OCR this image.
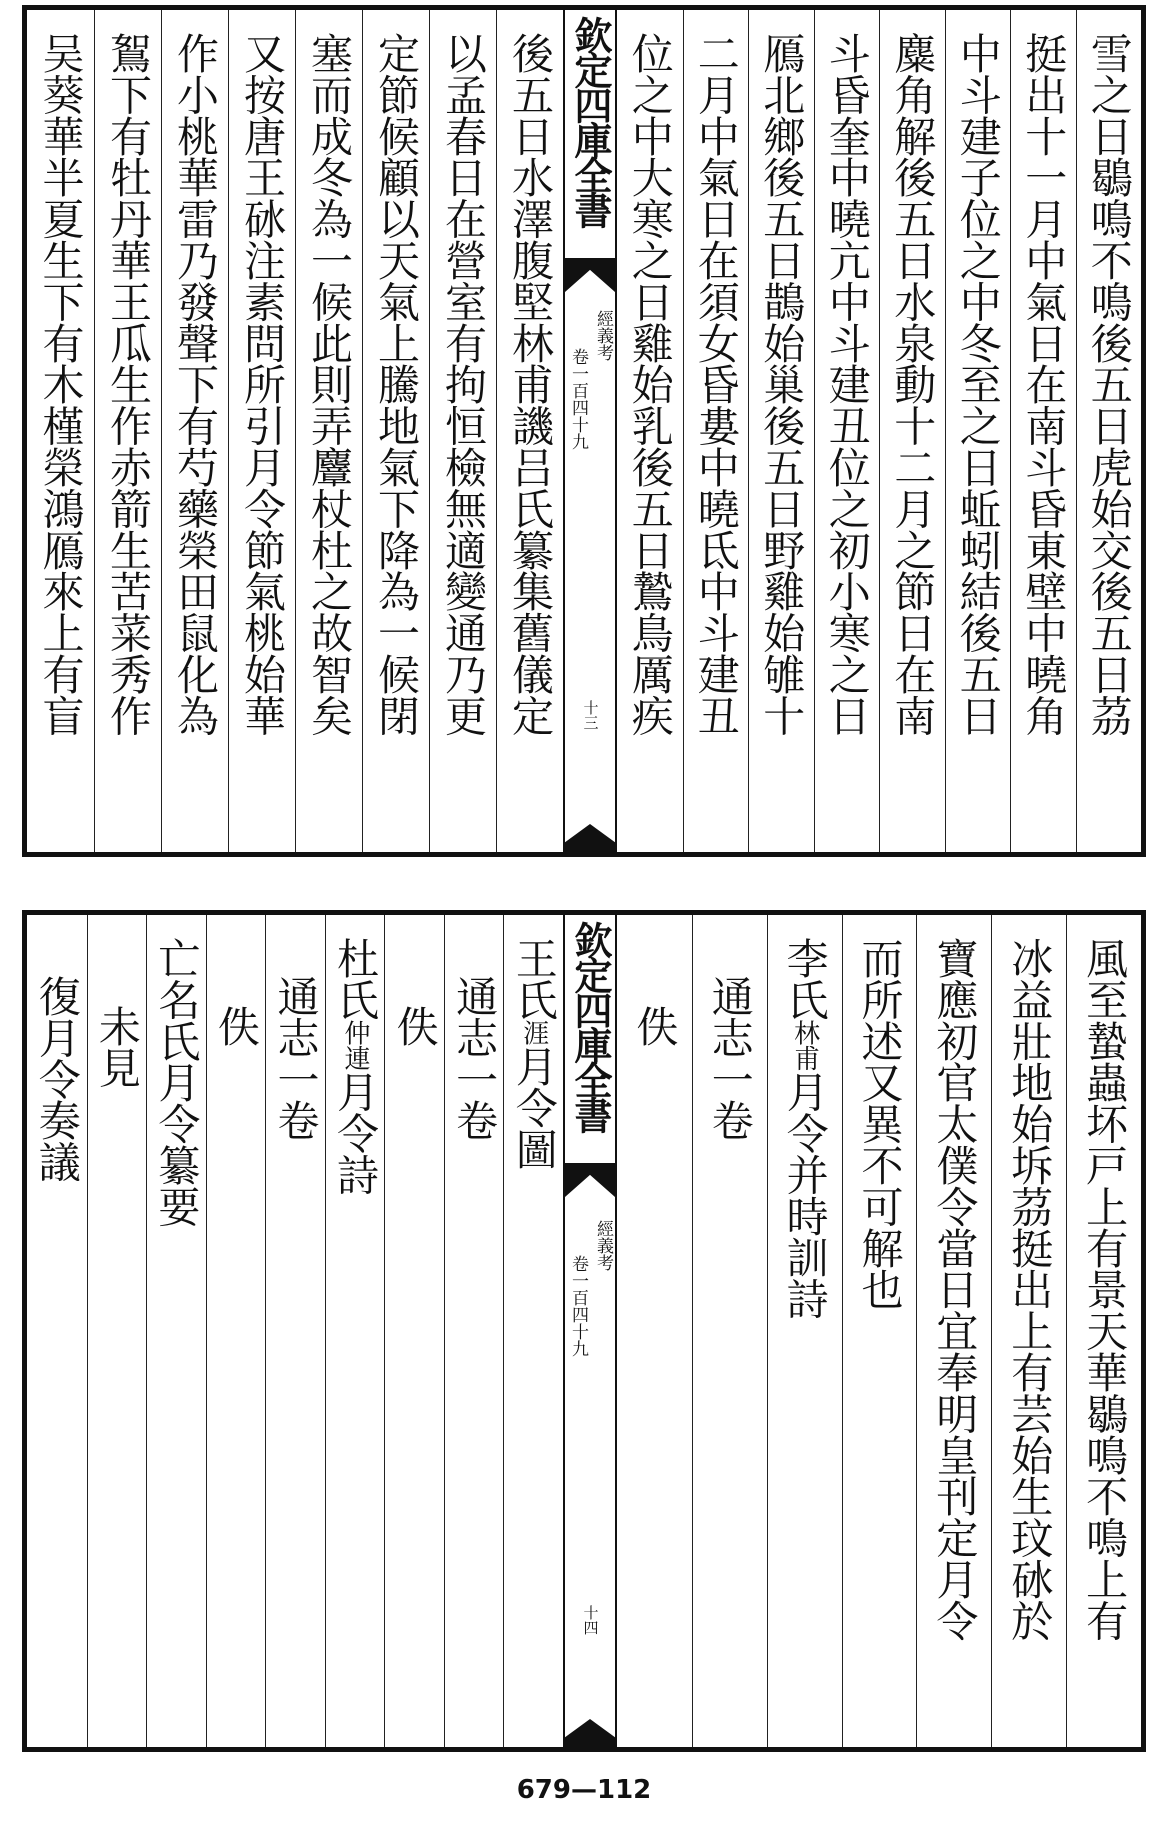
後五日水澤腹堅林甫譏吕氏纂集舊儀定
以孟春日在營室有拘恒檢無適變通乃更
定節候顧以天氣上騰地氣下降為一候閉
塞而成冬為一候此則弄麞杖杜之故智矣
又按唐王砅注素問所引月令節氣桃始華
作小桃華雷乃發聲下有芍藥榮田鼠化為
鴽下有牡丹華王瓜生作赤箭生苦菜秀作
吴葵華半夏生下有木槿榮鴻鴈來上有盲	欽定四庫全書
經義考
卷一百四十九
十三	雪之日鶡鳴不鳴後五日虎始交後五日茘
挺出十一月中氣日在南斗昏東壁中曉角
中斗建子位之中冬至之日蚯蚓結後五日
麋角解後五日水泉動十二月之節日在南
斗昏奎中曉亢中斗建丑位之初小寒之日
鴈北鄉後五日鵲始巢後五日野雞始雊十
二月中氣日在須女昏婁中曉氐中斗建丑
位之中大寒之日雞始乳後五日鷙鳥厲疾
王氏涯月令圖
通志一卷
佚
杜氏仲連月令詩
通志一卷
佚
亡名氏月令纂要
未見
復月令奏議	欽定四庫全書
經義考
卷一百四十九
十四	風至蟄蟲坏戸上有景天華鶡鳴不鳴上有
冰益壯地始坼茘挺出上有芸始生玟砅於
寶應初官太僕令當日宜奉明皇刊定月令
而所述又異不可解也
李氏林甫月令并時訓詩
通志一卷
佚
679—112
